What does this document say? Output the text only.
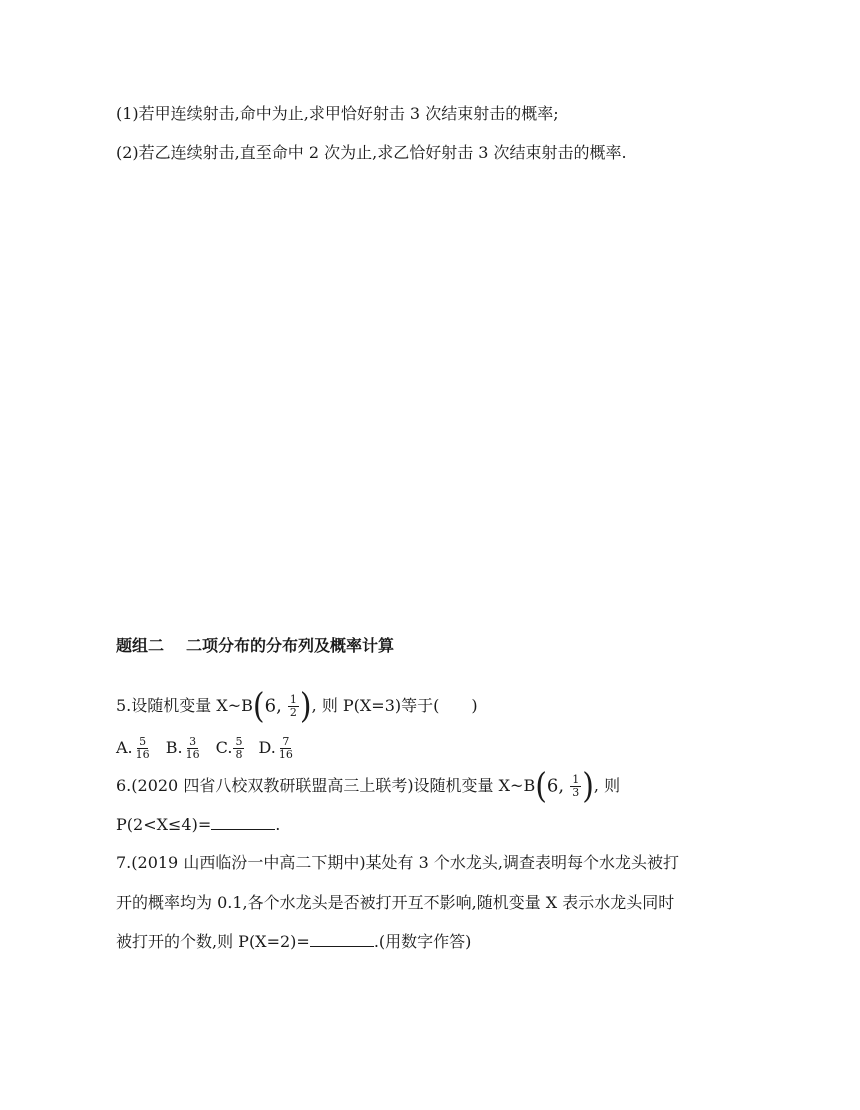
(1)若甲连续射击,命中为止,求甲恰好射击 3 次结束射击的概率;
(2)若乙连续射击,直至命中 2 次为止,求乙恰好射击 3 次结束射击的概率.
题组二 二项分布的分布列及概率计算
5.设随机变量 X~B(6, $\frac{1}{2}$ ), 则 P(X=3)等于(　　)
A. $\frac{5}{16} B$. $\frac{3}{16} C$. $\frac{5}{8} D$. $\frac{7}{16}$
6.(2020 四省八校双教研联盟高三上联考)设随机变量 X~B(6, $\frac{1}{3}$ ), 则
P(2<X≤4)=	.
7.(2019 山西临汾一中高二下期中)某处有 3 个水龙头,调查表明每个水龙头被打
开的概率均为 0.1,各个水龙头是否被打开互不影响,随机变量 X 表示水龙头同时
被打开的个数,则 P(X=2)=	.(用数字作答)
